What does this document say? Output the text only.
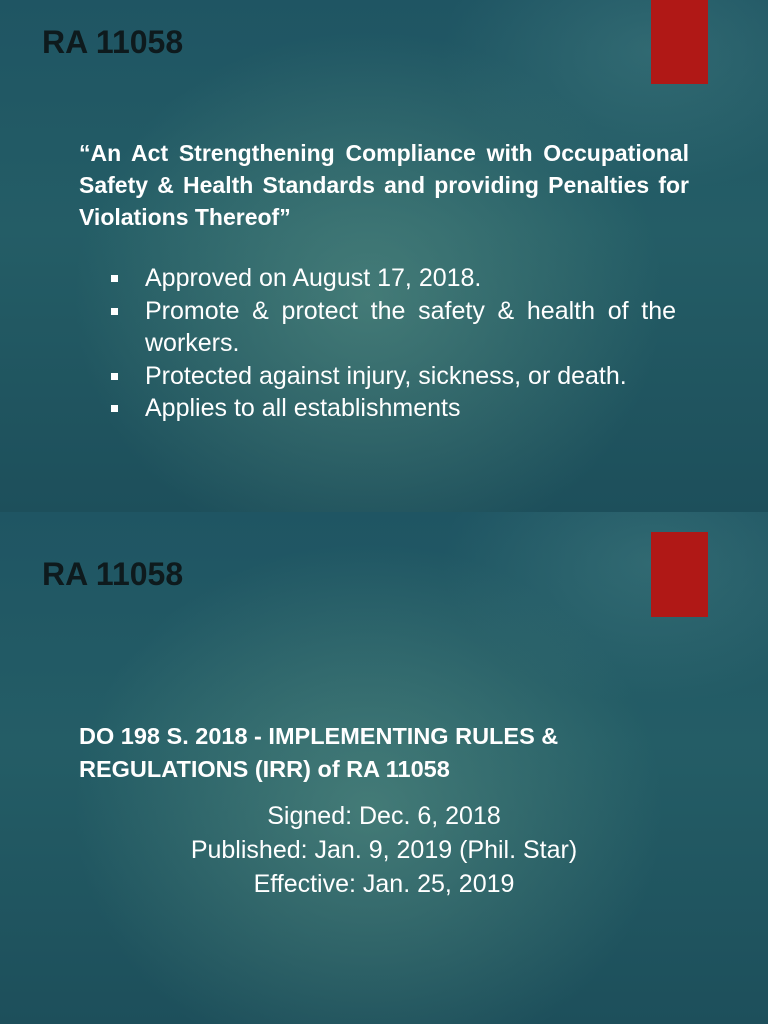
RA 11058

“An Act Strengthening Compliance with Occupational Safety & Health Standards and providing Penalties for Violations Thereof”

Approved on August 17, 2018.
Promote & protect the safety & health of the workers.
Protected against injury, sickness, or death.
Applies to all establishments
RA 11058

DO 198 S. 2018 - IMPLEMENTING RULES & REGULATIONS (IRR) of RA 11058

Signed: Dec. 6, 2018
Published: Jan. 9, 2019 (Phil. Star)
Effective: Jan. 25, 2019
